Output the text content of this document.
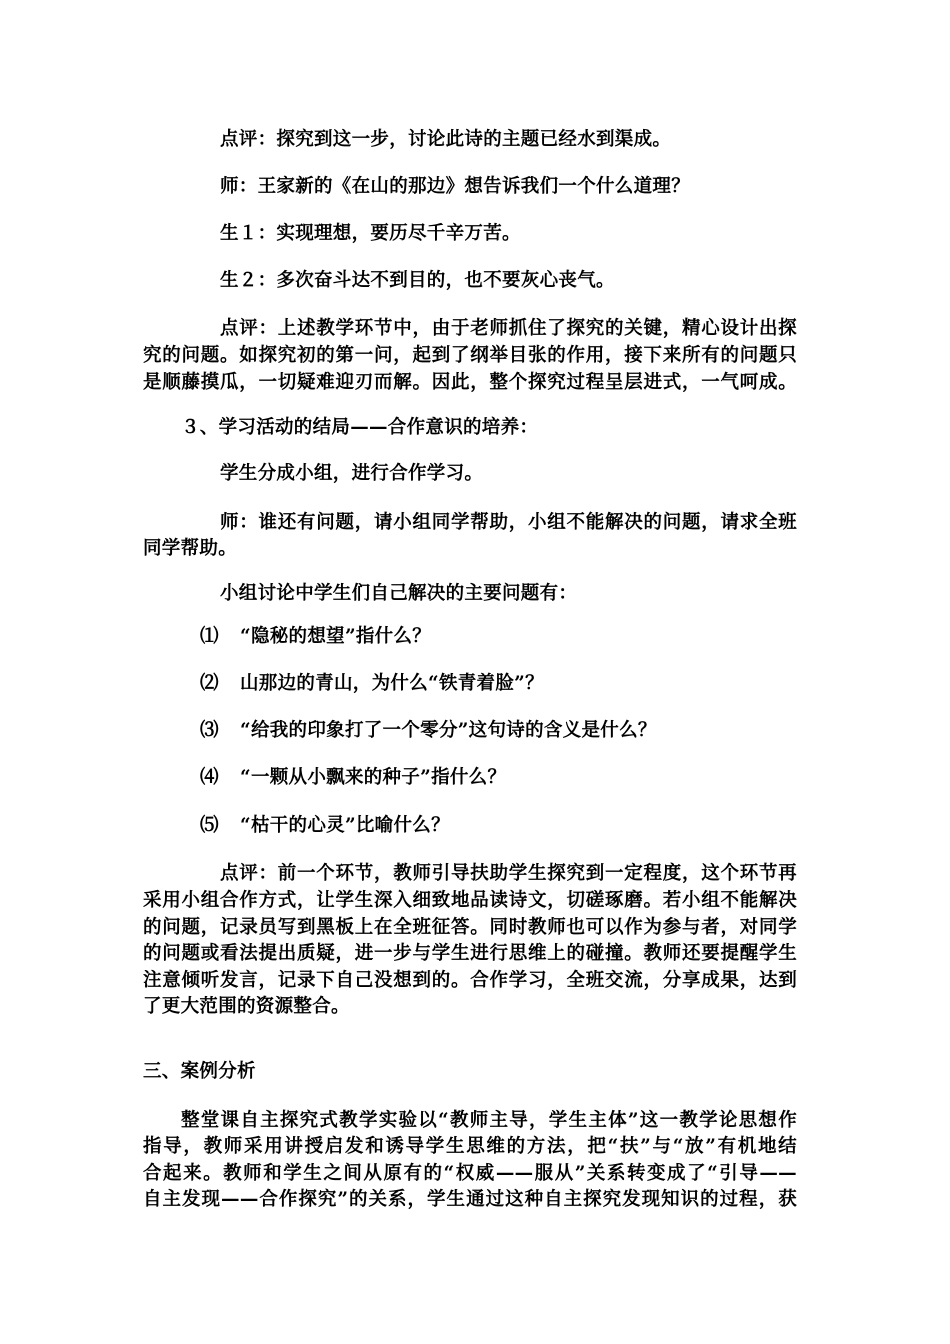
点评：探究到这一步，讨论此诗的主题已经水到渠成。
师：王家新的《在山的那边》想告诉我们一个什么道理？
生１：实现理想，要历尽千辛万苦。
生２：多次奋斗达不到目的，也不要灰心丧气。
点评：上述教学环节中，由于老师抓住了探究的关键，精心设计出探
究的问题。如探究初的第一问，起到了纲举目张的作用，接下来所有的问题只
是顺藤摸瓜，一切疑难迎刃而解。因此，整个探究过程呈层进式，一气呵成。
３、学习活动的结局——合作意识的培养：
学生分成小组，进行合作学习。
师：谁还有问题，请小组同学帮助，小组不能解决的问题，请求全班
同学帮助。
小组讨论中学生们自己解决的主要问题有：
⑴ “隐秘的想望”指什么？
⑵ 山那边的青山，为什么“铁青着脸”？
⑶ “给我的印象打了一个零分”这句诗的含义是什么？
⑷ “一颗从小飘来的种子”指什么？
⑸ “枯干的心灵”比喻什么？
点评：前一个环节，教师引导扶助学生探究到一定程度，这个环节再
采用小组合作方式，让学生深入细致地品读诗文，切磋琢磨。若小组不能解决
的问题，记录员写到黑板上在全班征答。同时教师也可以作为参与者，对同学
的问题或看法提出质疑，进一步与学生进行思维上的碰撞。教师还要提醒学生
注意倾听发言，记录下自己没想到的。合作学习，全班交流，分享成果，达到
了更大范围的资源整合。
三、案例分析
整堂课自主探究式教学实验以“教师主导，学生主体”这一教学论思想作
指导，教师采用讲授启发和诱导学生思维的方法，把“扶”与“放”有机地结
合起来。教师和学生之间从原有的“权威——服从”关系转变成了“引导——
自主发现——合作探究”的关系，学生通过这种自主探究发现知识的过程，获
